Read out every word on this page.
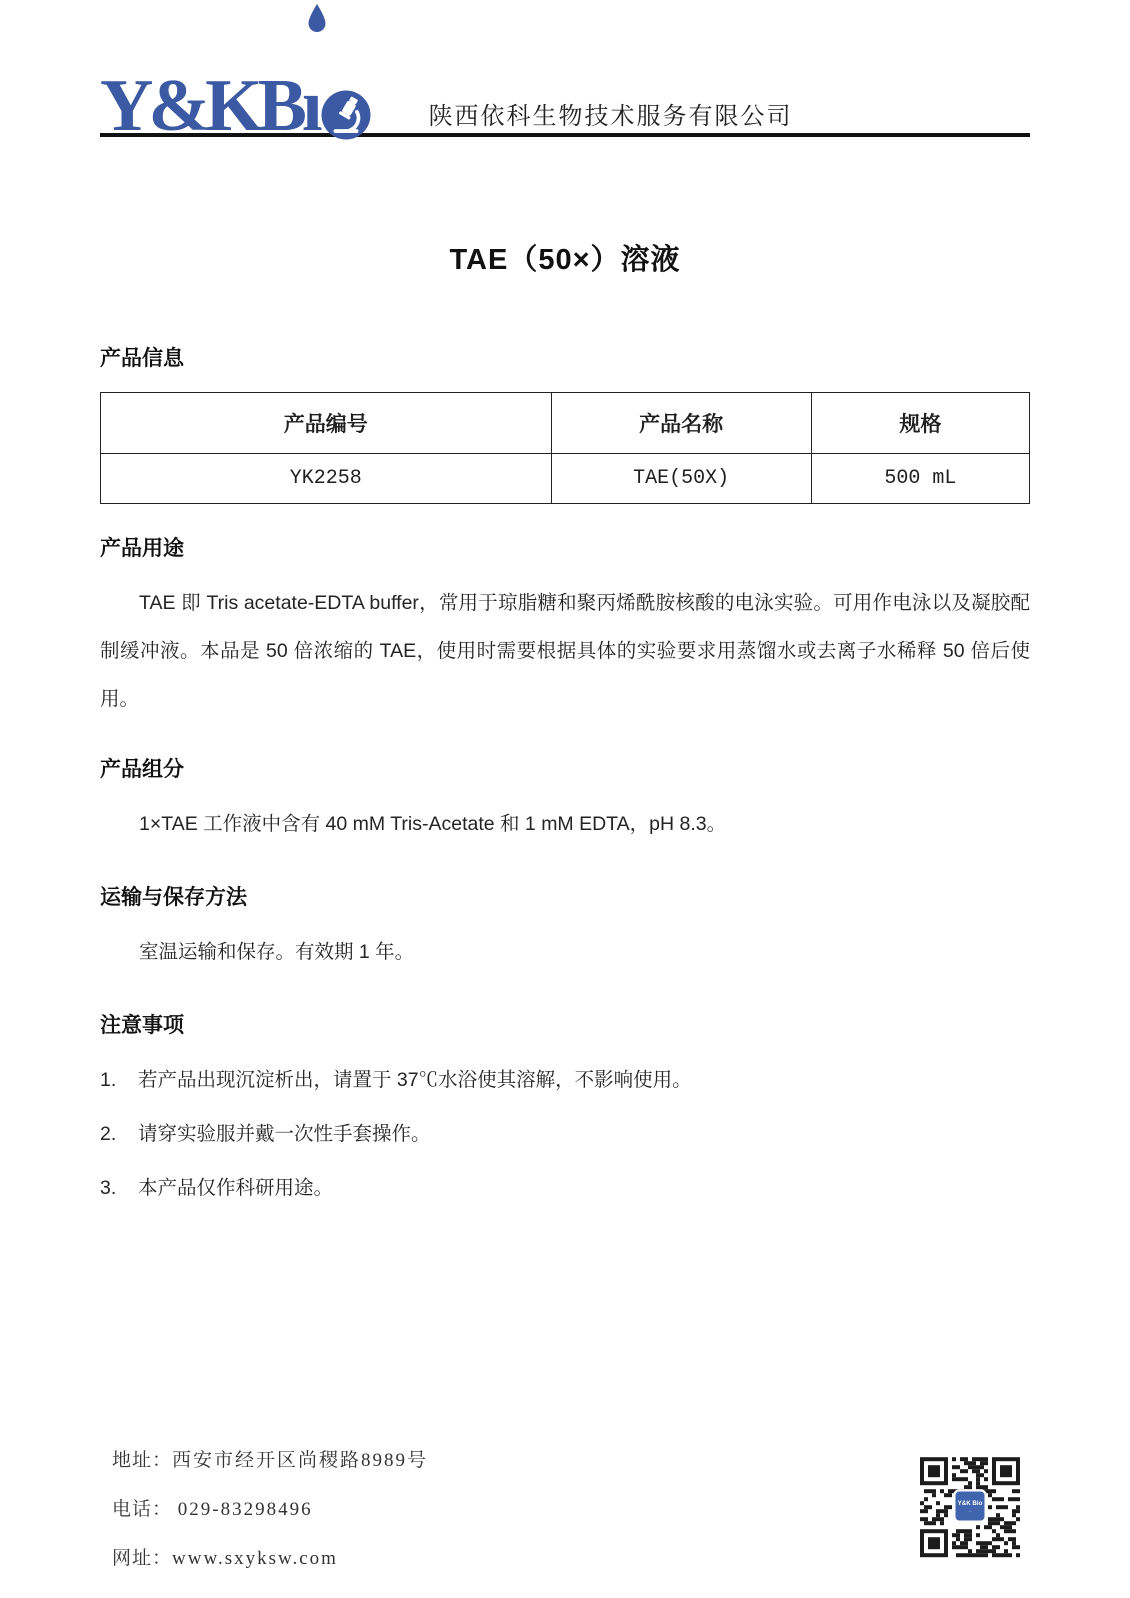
Y&KBı	陕西依科生物技术服务有限公司
TAE（50×）溶液
产品信息
产品编号	产品名称	规格
YK2258	TAE(50X)	500 mL
产品用途

TAE 即 Tris acetate-EDTA buffer，常用于琼脂糖和聚丙烯酰胺核酸的电泳实验。可用作电泳以及凝胶配制缓冲液。本品是 50 倍浓缩的 TAE，使用时需要根据具体的实验要求用蒸馏水或去离子水稀释 50 倍后使用。

产品组分

1×TAE 工作液中含有 40 mM Tris-Acetate 和 1 mM EDTA，pH 8.3。

运输与保存方法

室温运输和保存。有效期 1 年。

注意事项
1.	若产品出现沉淀析出，请置于 37℃水浴使其溶解，不影响使用。
2.	请穿实验服并戴一次性手套操作。
3.	本产品仅作科研用途。
地址：西安市经开区尚稷路8989号
电话： 029-83298496
网址：www.sxyksw.com
Y&K Bio
